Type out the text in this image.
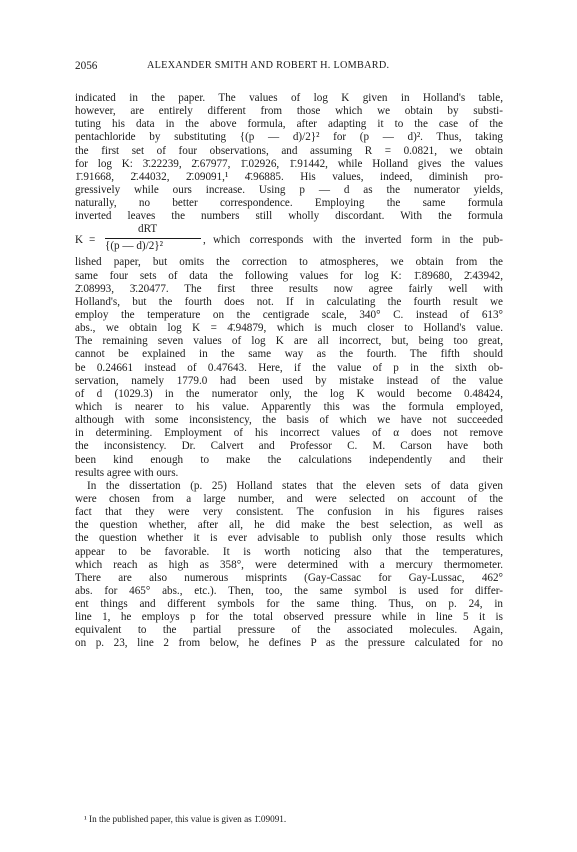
2056	ALEXANDER SMITH AND ROBERT H. LOMBARD.
indicated in the paper. The values of log K given in Holland's table,
however, are entirely different from those which we obtain by substi-
tuting his data in the above formula, after adapting it to the case of the
pentachloride by substituting {(p — d)/2}² for (p — d)². Thus, taking
the first set of four observations, and assuming R = 0.0821, we obtain
for log K: 3̄.22239, 2̄.67977, 1̄.02926, 1̄.91442, while Holland gives the values
1̄.91668, 2̄.44032, 2̄.09091,¹ 4̄.96885. His values, indeed, diminish pro-
gressively while ours increase. Using p — d as the numerator yields,
naturally, no better correspondence. Employing the same formula
inverted leaves the numbers still wholly discordant. With the formula
K =
dRT
{(p — d)/2}²	, which corresponds with the inverted form in the pub-
lished paper, but omits the correction to atmospheres, we obtain from the
same four sets of data the following values for log K: 1̄.89680, 2̄.43942,
2̄.08993, 3̄.20477. The first three results now agree fairly well with
Holland's, but the fourth does not. If in calculating the fourth result we
employ the temperature on the centigrade scale, 340° C. instead of 613°
abs., we obtain log K = 4̄.94879, which is much closer to Holland's value.
The remaining seven values of log K are all incorrect, but, being too great,
cannot be explained in the same way as the fourth. The fifth should
be 0.24661 instead of 0.47643. Here, if the value of p in the sixth ob-
servation, namely 1779.0 had been used by mistake instead of the value
of d (1029.3) in the numerator only, the log K would become 0.48424,
which is nearer to his value. Apparently this was the formula employed,
although with some inconsistency, the basis of which we have not succeeded
in determining. Employment of his incorrect values of α does not remove
the inconsistency. Dr. Calvert and Professor C. M. Carson have both
been kind enough to make the calculations independently and their
results agree with ours.
In the dissertation (p. 25) Holland states that the eleven sets of data given
were chosen from a large number, and were selected on account of the
fact that they were very consistent. The confusion in his figures raises
the question whether, after all, he did make the best selection, as well as
the question whether it is ever advisable to publish only those results which
appear to be favorable. It is worth noticing also that the temperatures,
which reach as high as 358°, were determined with a mercury thermometer.
There are also numerous misprints (Gay-Cassac for Gay-Lussac, 462°
abs. for 465° abs., etc.). Then, too, the same symbol is used for differ-
ent things and different symbols for the same thing. Thus, on p. 24, in
line 1, he employs p for the total observed pressure while in line 5 it is
equivalent to the partial pressure of the associated molecules. Again,
on p. 23, line 2 from below, he defines P as the pressure calculated for no
¹ In the published paper, this value is given as 1̄.09091.
